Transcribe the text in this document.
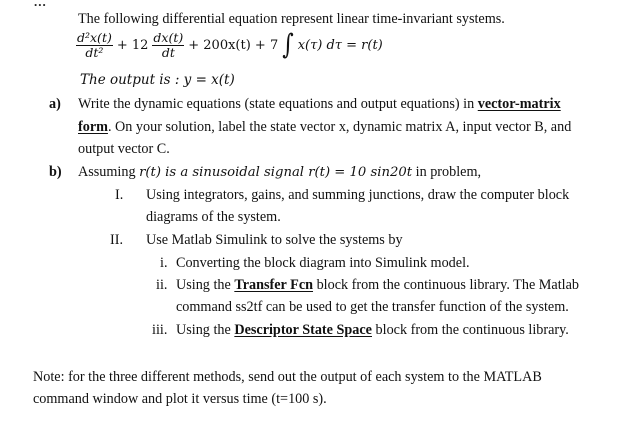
...
The following differential equation represent linear time-invariant systems.
$\frac{\text{d²x(t)}}{\text{dt²}} + 12 \frac{dx(t)}{dt} + 200x(t) + 7$ ∫ x(τ) dτ = r(t)
The output is : y = x(t)
a) Write the dynamic equations (state equations and output equations) in vector-matrix
form. On your solution, label the state vector x, dynamic matrix A, input vector B, and
output vector C.
b) Assuming r(t) is a sinusoidal signal r(t) = 10 sin20t in problem,
I. Using integrators, gains, and summing junctions, draw the computer block
diagrams of the system.
II. Use Matlab Simulink to solve the systems by
i. Converting the block diagram into Simulink model.
ii. Using the Transfer Fcn block from the continuous library. The Matlab
command ss2tf can be used to get the transfer function of the system.
iii. Using the Descriptor State Space block from the continuous library.
Note: for the three different methods, send out the output of each system to the MATLAB
command window and plot it versus time (t=100 s).
